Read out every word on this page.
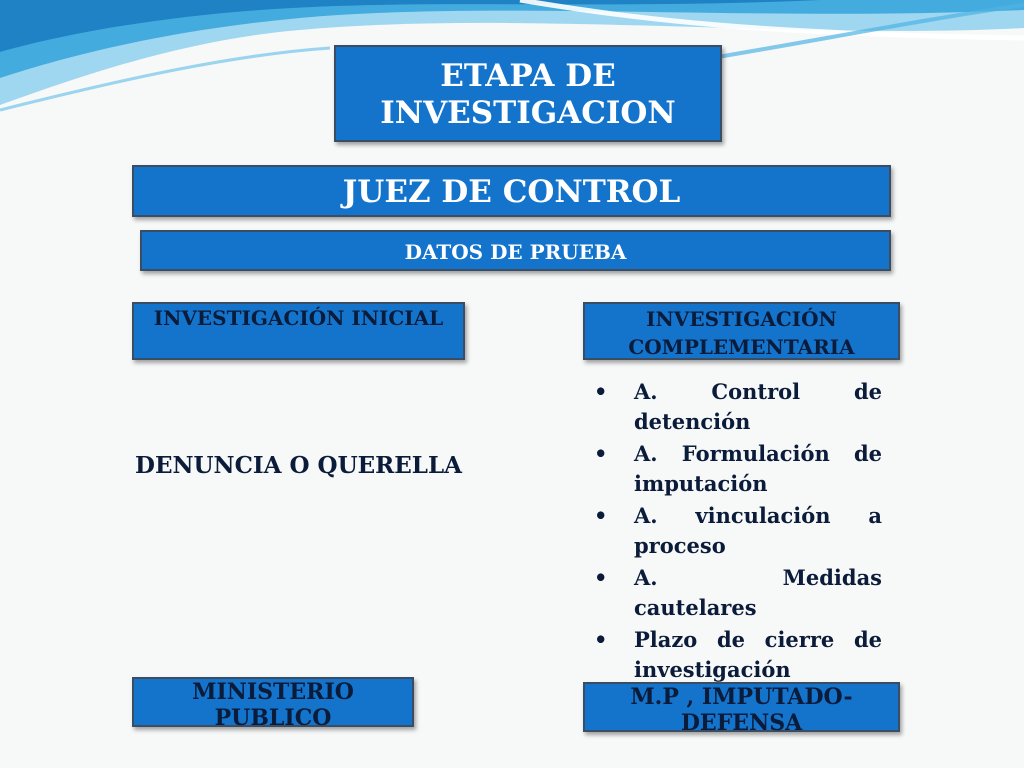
ETAPA DE INVESTIGACION
JUEZ DE CONTROL
DATOS DE PRUEBA
INVESTIGACIÓN INICIAL	INVESTIGACIÓN COMPLEMENTARIA
DENUNCIA O QUERELLA
• A. Control de detención
• A. Formulación de imputación
• A. vinculación a proceso
• A. Medidas cautelares
• Plazo de cierre de investigación
MINISTERIO PUBLICO
M.P , IMPUTADO-DEFENSA
